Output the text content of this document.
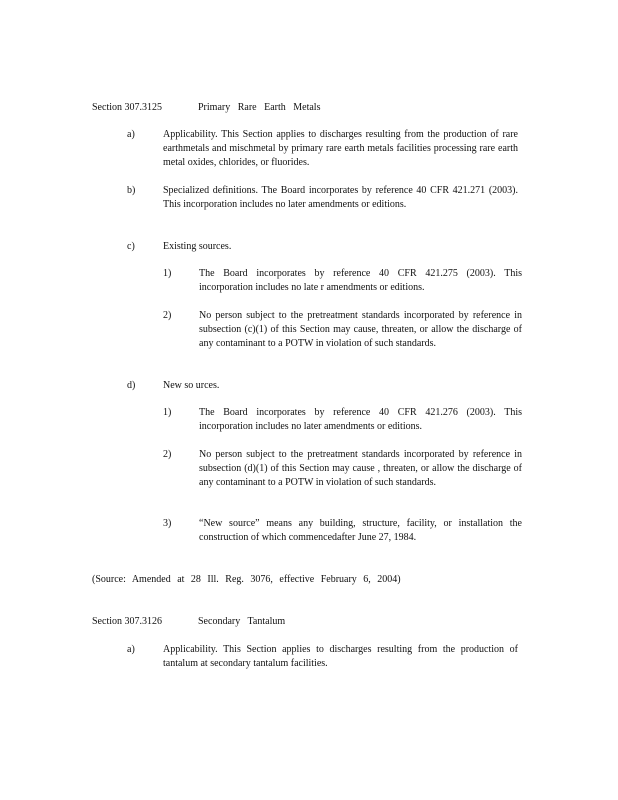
Section 307.3125	Primary Rare Earth Metals
a)	Applicability. This Section applies to discharges resulting from the production of rare earthmetals and mischmetal by primary rare earth metals facilities processing rare earth metal oxides, chlorides, or fluorides.
b)	Specialized definitions. The Board incorporates by reference 40 CFR 421.271 (2003). This incorporation includes no later amendments or editions.
c)	Existing sources.
1)	The Board incorporates by reference 40 CFR 421.275 (2003). This incorporation includes no late r amendments or editions.
2)	No person subject to the pretreatment standards incorporated by reference in subsection (c)(1) of this Section may cause, threaten, or allow the discharge of any contaminant to a POTW in violation of such standards.
d)	New so urces.
1)	The Board incorporates by reference 40 CFR 421.276 (2003). This incorporation includes no later amendments or editions.
2)	No person subject to the pretreatment standards incorporated by reference in subsection (d)(1) of this Section may cause , threaten, or allow the discharge of any contaminant to a POTW in violation of such standards.
3)	“New source” means any building, structure, facility, or installation the construction of which commencedafter June 27, 1984.
(Source: Amended at 28 Ill. Reg. 3076, effective February 6, 2004)
Section 307.3126	Secondary Tantalum
a)	Applicability. This Section applies to discharges resulting from the production of tantalum at secondary tantalum facilities.
